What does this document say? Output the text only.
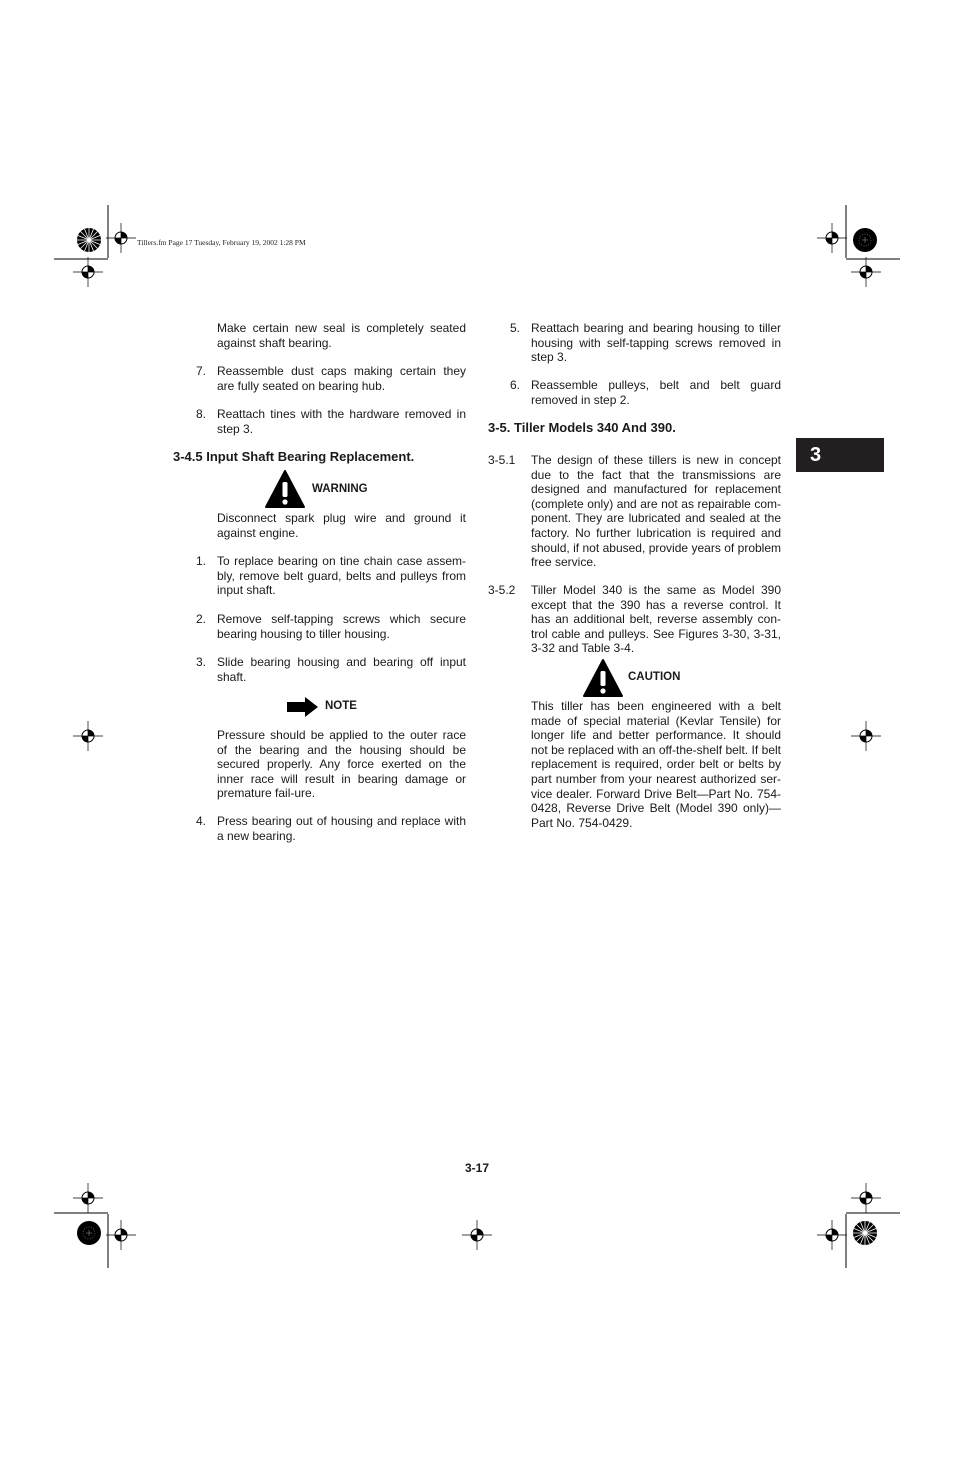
Tillers.fm Page 17 Tuesday, February 19, 2002 1:28 PM
3

Make certain new seal is completely seated against shaft bearing.

7. Reassemble dust caps making certain they are fully seated on bearing hub.

8. Reattach tines with the hardware removed in step 3.

3-4.5 Input Shaft Bearing Replacement.
WARNING

Disconnect spark plug wire and ground it against engine.

1. To replace bearing on tine chain case assem-bly, remove belt guard, belts and pulleys from input shaft.

2. Remove self-tapping screws which secure bearing housing to tiller housing.

3. Slide bearing housing and bearing off input shaft.

NOTE

Pressure should be applied to the outer race of the bearing and the housing should be secured properly. Any force exerted on the inner race will result in bearing damage or premature fail-ure.

4. Press bearing out of housing and replace with a new bearing.

5. Reattach bearing and bearing housing to tiller housing with self-tapping screws removed in step 3.

6. Reassemble pulleys, belt and belt guard removed in step 2.

3-5. Tiller Models 340 And 390.
3-5.1 The design of these tillers is new in concept due to the fact that the transmissions are designed and manufactured for replacement (complete only) and are not as repairable com-ponent. They are lubricated and sealed at the factory. No further lubrication is required and should, if not abused, provide years of problem free service.

3-5.2 Tiller Model 340 is the same as Model 390 except that the 390 has a reverse control. It has an additional belt, reverse assembly con-trol cable and pulleys. See Figures 3-30, 3-31, 3-32 and Table 3-4.

CAUTION

This tiller has been engineered with a belt made of special material (Kevlar Tensile) for longer life and better performance. It should not be replaced with an off-the-shelf belt. If belt replacement is required, order belt or belts by part number from your nearest authorized ser-vice dealer. Forward Drive Belt—Part No. 754-0428, Reverse Drive Belt (Model 390 only)—Part No. 754-0429.

3-17
